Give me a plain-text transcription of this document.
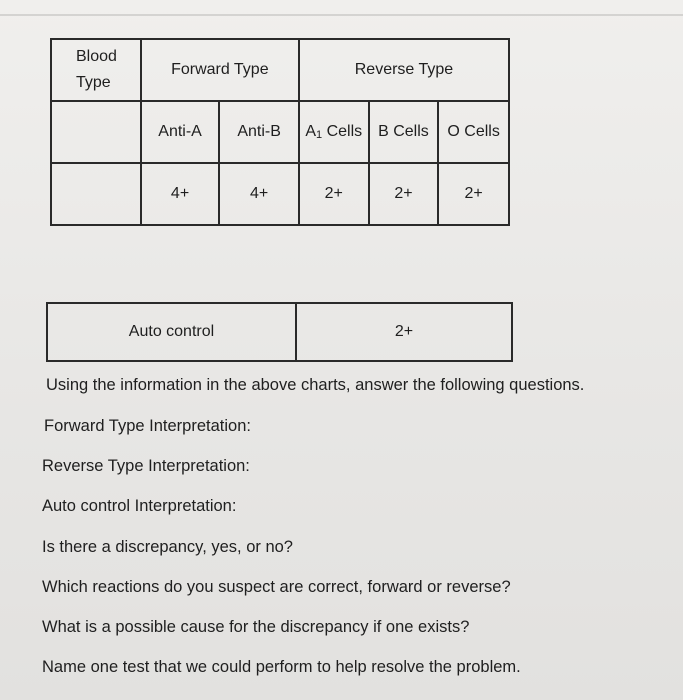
Blood Type	Forward Type		Reverse Type		
	Anti-A	Anti-B	A1 Cells	B Cells	O Cells
	4+	4+	2+	2+	2+
Auto control	2+
Using the information in the above charts, answer the following questions.
Forward Type Interpretation:
Reverse Type Interpretation:
Auto control Interpretation:
Is there a discrepancy, yes, or no?
Which reactions do you suspect are correct, forward or reverse?
What is a possible cause for the discrepancy if one exists?
Name one test that we could perform to help resolve the problem.
